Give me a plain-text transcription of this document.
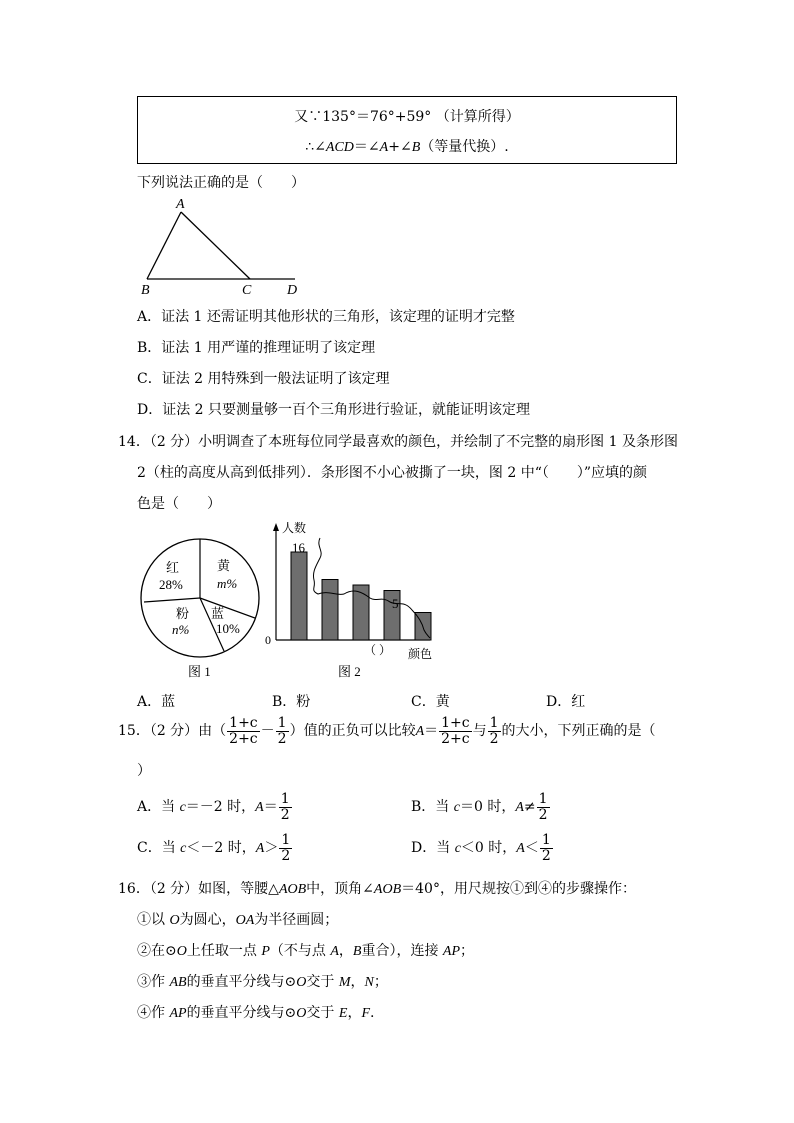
又∵135°＝76°+59° （计算所得）
∴∠ACD＝∠A+∠B（等量代换）.
下列说法正确的是（　　）
A
B	C	D
A．证法 1 还需证明其他形状的三角形，该定理的证明才完整
B．证法 1 用严谨的推理证明了该定理
C．证法 2 用特殊到一般法证明了该定理
D．证法 2 只要测量够一百个三角形进行验证，就能证明该定理
14．（2 分）小明调查了本班每位同学最喜欢的颜色，并绘制了不完整的扇形图 1 及条形图
2（柱的高度从高到低排列）．条形图不小心被撕了一块，图 2 中“（　　）”应填的颜
色是（　　）
红
28%
黄
m%
蓝
10%
粉
n%
图 1
人数
0
颜色
16
5
（ ）
图 2
A．蓝	B．粉	C．黄	D．红
15．（2 分）由（ $\frac{1+c}{2+c} - \frac{1}{2}$ ）值的正负可以比较$A= \frac{1+c}{2+c}$ 与 $\frac{1}{2}$ 的大小，下列正确的是（
）
A．当 c＝－2 时，$A= \frac{1}{2}$	B．当 c＝0 时，$A\ne \frac{1}{2}$
C．当 c＜－2 时，$A> \frac{1}{2}$	D．当 c＜0 时，$A< \frac{1}{2}$
16．（2 分）如图，等腰△AOB中，顶角∠AOB＝40°，用尺规按①到④的步骤操作：
①以 O为圆心，OA为半径画圆；
②在⊙O上任取一点 P（不与点 A，B重合），连接 AP；
③作 AB的垂直平分线与⊙O交于 M，N；
④作 AP的垂直平分线与⊙O交于 E，F.
